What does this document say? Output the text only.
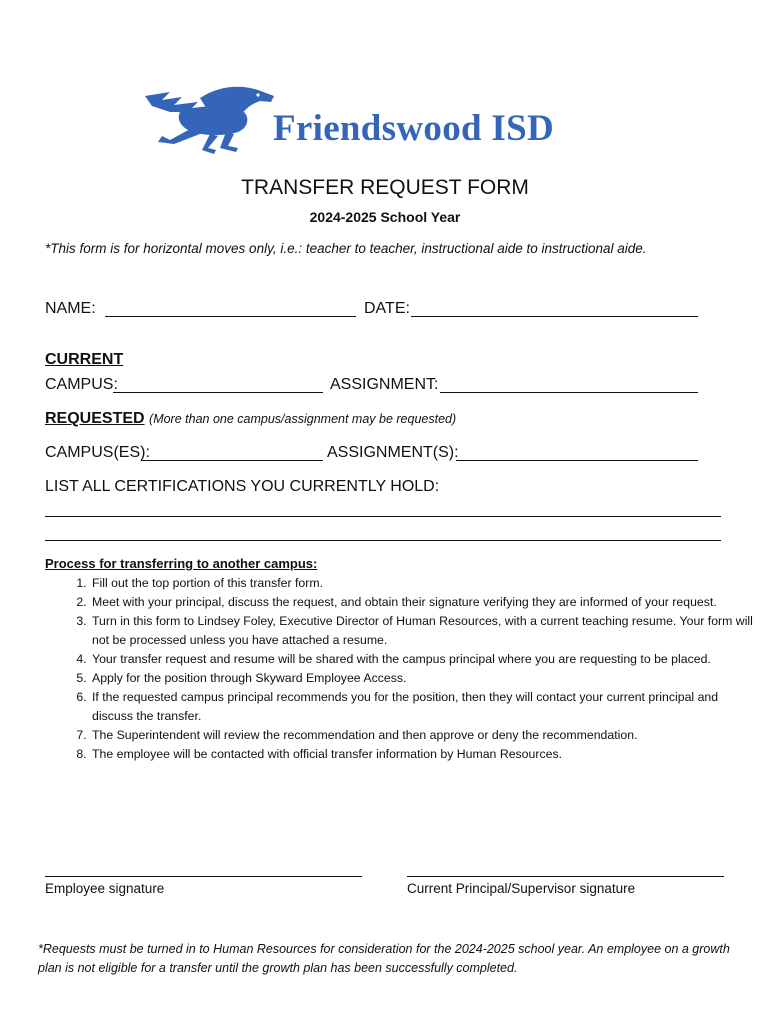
Friendswood ISD
TRANSFER REQUEST FORM
2024-2025 School Year
*This form is for horizontal moves only, i.e.: teacher to teacher, instructional aide to instructional aide.
NAME:	DATE:
CURRENT
CAMPUS:	ASSIGNMENT:
REQUESTED (More than one campus/assignment may be requested)
CAMPUS(ES):	ASSIGNMENT(S):
LIST ALL CERTIFICATIONS YOU CURRENTLY HOLD:
Process for transferring to another campus:
1. Fill out the top portion of this transfer form.
2. Meet with your principal, discuss the request, and obtain their signature verifying they are informed of your request.
3. Turn in this form to Lindsey Foley, Executive Director of Human Resources, with a current teaching resume. Your form will not be processed unless you have attached a resume.
4. Your transfer request and resume will be shared with the campus principal where you are requesting to be placed.
5. Apply for the position through Skyward Employee Access.
6. If the requested campus principal recommends you for the position, then they will contact your current principal and discuss the transfer.
7. The Superintendent will review the recommendation and then approve or deny the recommendation.
8. The employee will be contacted with official transfer information by Human Resources.
Employee signature	Current Principal/Supervisor signature
*Requests must be turned in to Human Resources for consideration for the 2024-2025 school year. An employee on a growth plan is not eligible for a transfer until the growth plan has been successfully completed.
